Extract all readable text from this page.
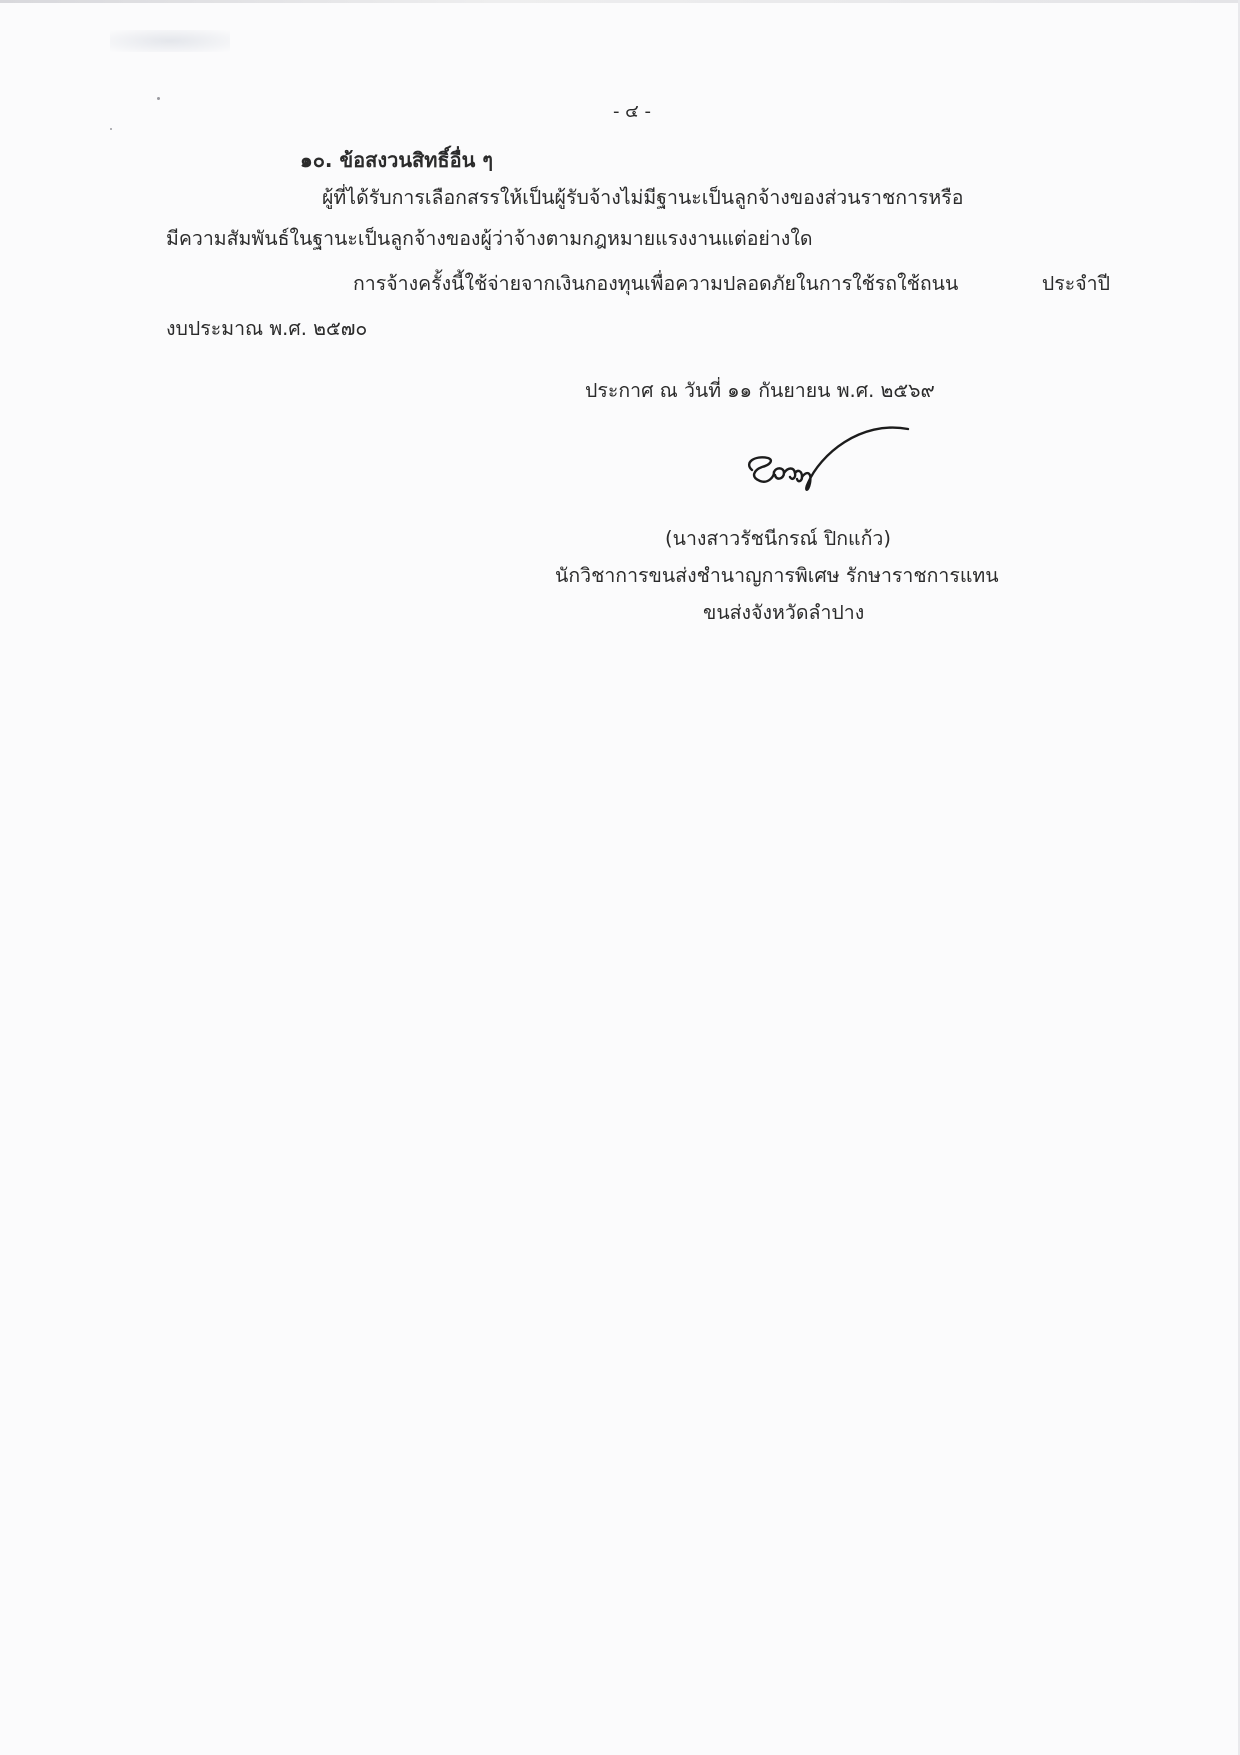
- ๔ -

๑๐. ข้อสงวนสิทธิ์อื่น ๆ

ผู้ที่ได้รับการเลือกสรรให้เป็นผู้รับจ้างไม่มีฐานะเป็นลูกจ้างของส่วนราชการหรือ

มีความสัมพันธ์ในฐานะเป็นลูกจ้างของผู้ว่าจ้างตามกฎหมายแรงงานแต่อย่างใด

การจ้างครั้งนี้ใช้จ่ายจากเงินกองทุนเพื่อความปลอดภัยในการใช้รถใช้ถนน ประจำปี

งบประมาณ พ.ศ. ๒๕๗๐

ประกาศ ณ วันที่ ๑๑ กันยายน พ.ศ. ๒๕๖๙

(นางสาวรัชนีกรณ์ ปิกแก้ว)

นักวิชาการขนส่งชำนาญการพิเศษ รักษาราชการแทน

ขนส่งจังหวัดลำปาง
